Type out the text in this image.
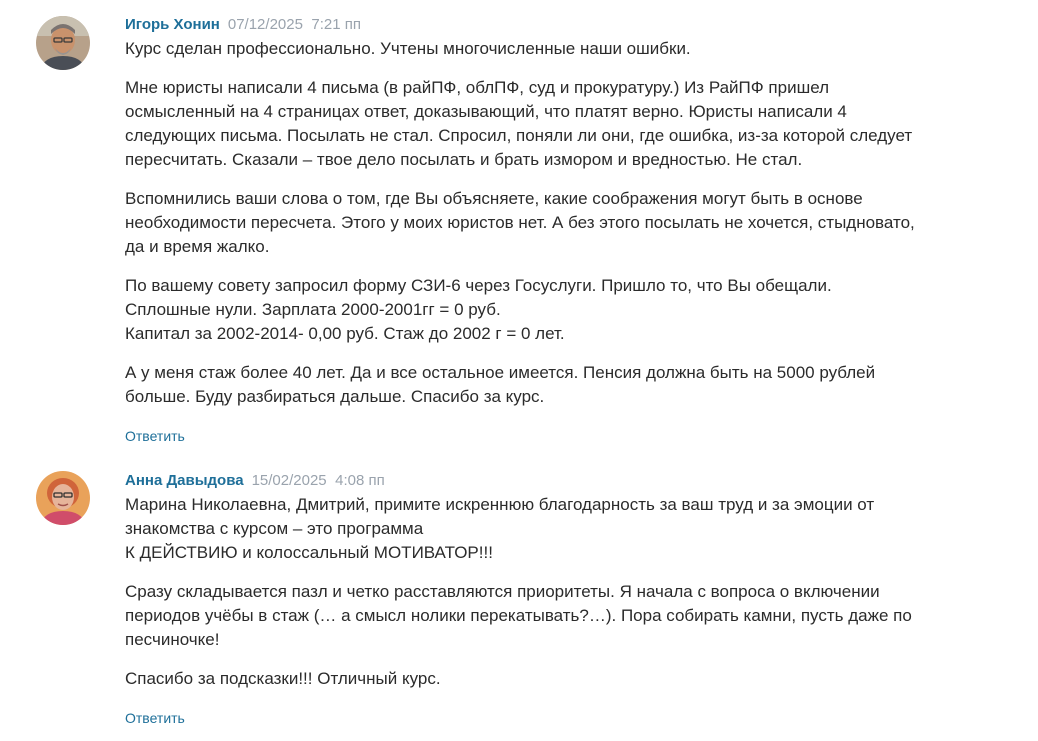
Игорь Хонин 07/12/2025 7:21 пп

Курс сделан профессионально. Учтены многочисленные наши ошибки.

Мне юристы написали 4 письма (в райПФ, облПФ, суд и прокуратуру.) Из РайПФ пришел осмысленный на 4 страницах ответ, доказывающий, что платят верно. Юристы написали 4 следующих письма. Посылать не стал. Спросил, поняли ли они, где ошибка, из-за которой следует пересчитать. Сказали – твое дело посылать и брать измором и вредностью. Не стал.

Вспомнились ваши слова о том, где Вы объясняете, какие соображения могут быть в основе необходимости пересчета. Этого у моих юристов нет. А без этого посылать не хочется, стыдновато, да и время жалко.

По вашему совету запросил форму СЗИ-6 через Госуслуги. Пришло то, что Вы обещали.
Сплошные нули. Зарплата 2000-2001гг = 0 руб.
Капитал за 2002-2014- 0,00 руб. Стаж до 2002 г = 0 лет.

А у меня стаж более 40 лет. Да и все остальное имеется. Пенсия должна быть на 5000 рублей больше. Буду разбираться дальше. Спасибо за курс.

Ответить
Анна Давыдова 15/02/2025 4:08 пп

Марина Николаевна, Дмитрий, примите искреннюю благодарность за ваш труд и за эмоции от знакомства с курсом – это программа
К ДЕЙСТВИЮ и колоссальный МОТИВАТОР!!!

Сразу складывается пазл и четко расставляются приоритеты. Я начала с вопроса о включении периодов учёбы в стаж (… а смысл нолики перекатывать?…). Пора собирать камни, пусть даже по песчиночке!

Спасибо за подсказки!!! Отличный курс.

Ответить
